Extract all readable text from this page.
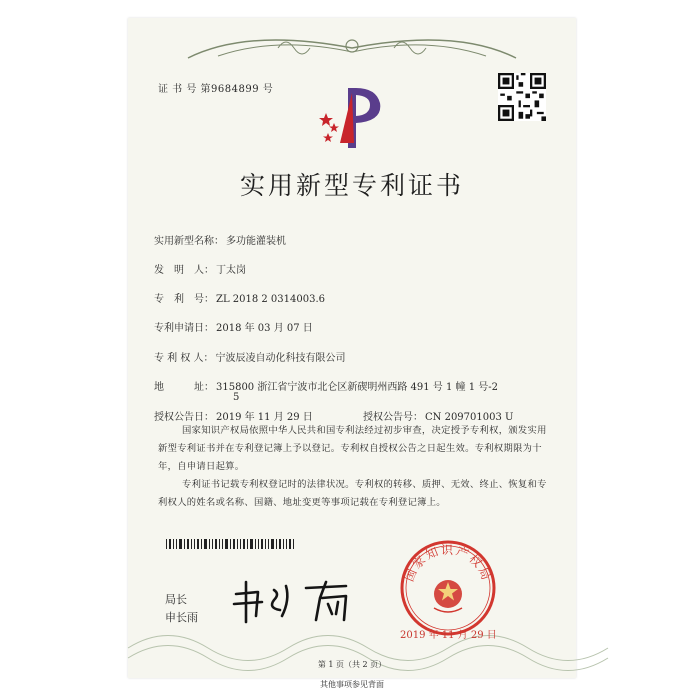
证 书 号 第9684899 号
实用新型专利证书
实用新型名称： 多功能灌装机
发　明　人： 丁太岗
专　利　号： ZL 2018 2 0314003.6
专利申请日： 2018 年 03 月 07 日
专 利 权 人： 宁波辰凌自动化科技有限公司
地　　　址： 315800 浙江省宁波市北仑区新碶明州西路 491 号 1 幢 1 号-2
5
授权公告日： 2019 年 11 月 29 日	授权公告号： CN 209701003 U
国家知识产权局依照中华人民共和国专利法经过初步审查，决定授予专利权，颁发实用新型专利证书并在专利登记簿上予以登记。专利权自授权公告之日起生效。专利权期限为十年，自申请日起算。
专利证书记载专利权登记时的法律状况。专利权的转移、质押、无效、终止、恢复和专利权人的姓名或名称、国籍、地址变更等事项记载在专利登记簿上。
局长
申长雨
国家知识产权局
2019 年 11 月 29 日
第 1 页（共 2 页）
其他事项参见背面
